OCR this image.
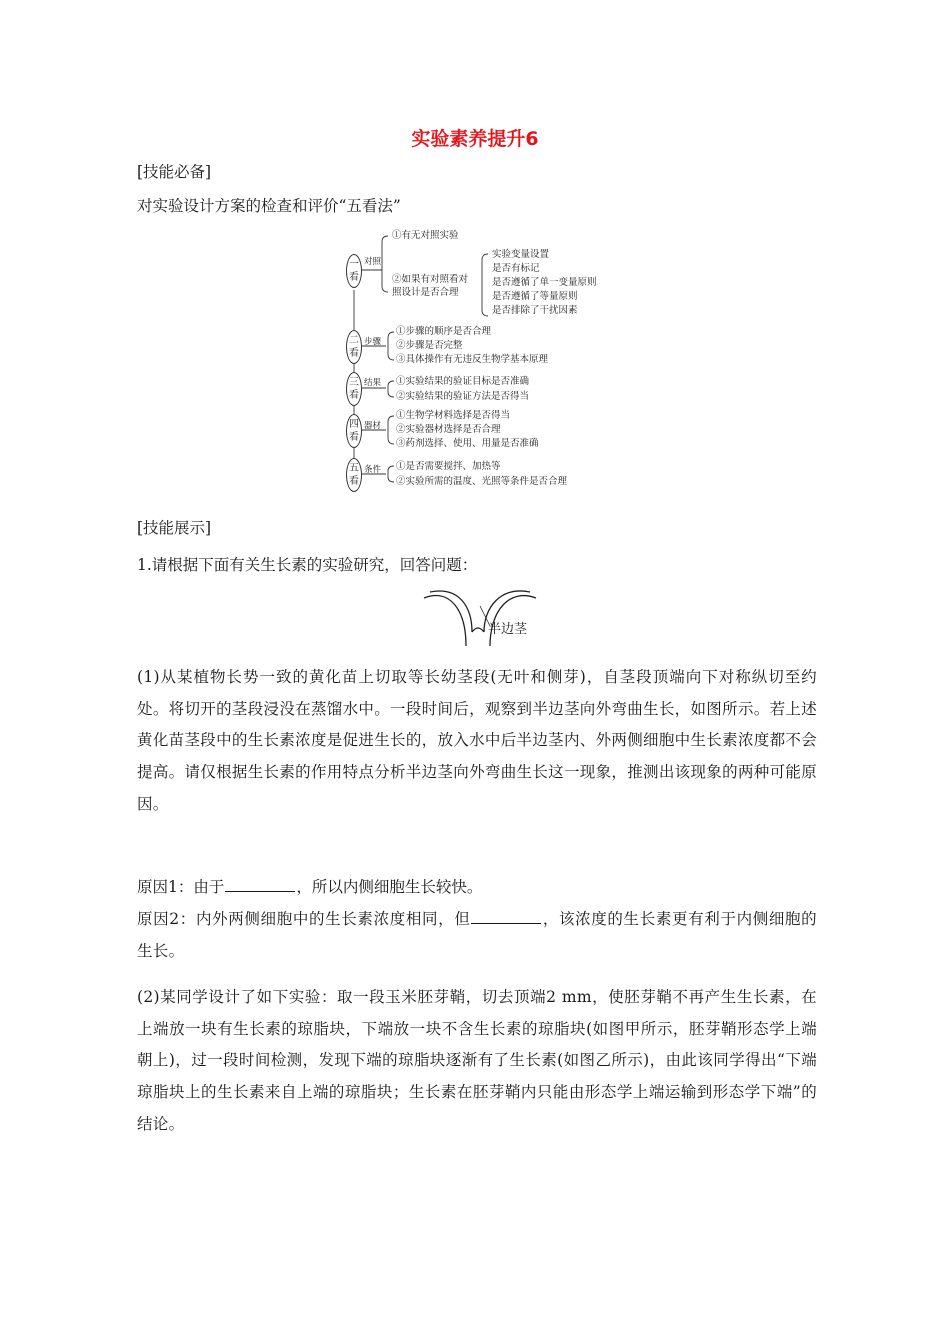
实验素养提升6
[技能必备]
对实验设计方案的检查和评价“五看法”
一
看
对照
①有无对照实验
②如果有对照看对
照设计是否合理
实验变量设置
是否有标记
是否遵循了单一变量原则
是否遵循了等量原则
是否排除了干扰因素
二
看
步骤
①步骤的顺序是否合理
②步骤是否完整
③具体操作有无违反生物学基本原理
三
看
结果 ①实验结果的验证目标是否准确
②实验结果的验证方法是否得当
四
看
器材
①生物学材料选择是否得当
②实验器材选择是否合理
③药剂选择、使用、用量是否准确
五
看
条件 ①是否需要搅拌、加热等
②实验所需的温度、光照等条件是否合理
[技能展示]
1.请根据下面有关生长素的实验研究，回答问题：
半边茎
(1)从某植物长势一致的黄化苗上切取等长幼茎段(无叶和侧芽)，自茎段顶端向下对称纵切至约处。将切开的茎段浸没在蒸馏水中。一段时间后，观察到半边茎向外弯曲生长，如图所示。若上述黄化苗茎段中的生长素浓度是促进生长的，放入水中后半边茎内、外两侧细胞中生长素浓度都不会提高。请仅根据生长素的作用特点分析半边茎向外弯曲生长这一现象，推测出该现象的两种可能原因。
原因1：由于	，所以内侧细胞生长较快。
原因2：内外两侧细胞中的生长素浓度相同，但	，该浓度的生长素更有利于内侧细胞的生长。
(2)某同学设计了如下实验：取一段玉米胚芽鞘，切去顶端2 mm，使胚芽鞘不再产生生长素，在上端放一块有生长素的琼脂块，下端放一块不含生长素的琼脂块(如图甲所示，胚芽鞘形态学上端朝上)，过一段时间检测，发现下端的琼脂块逐渐有了生长素(如图乙所示)，由此该同学得出“下端琼脂块上的生长素来自上端的琼脂块；生长素在胚芽鞘内只能由形态学上端运输到形态学下端”的结论。
